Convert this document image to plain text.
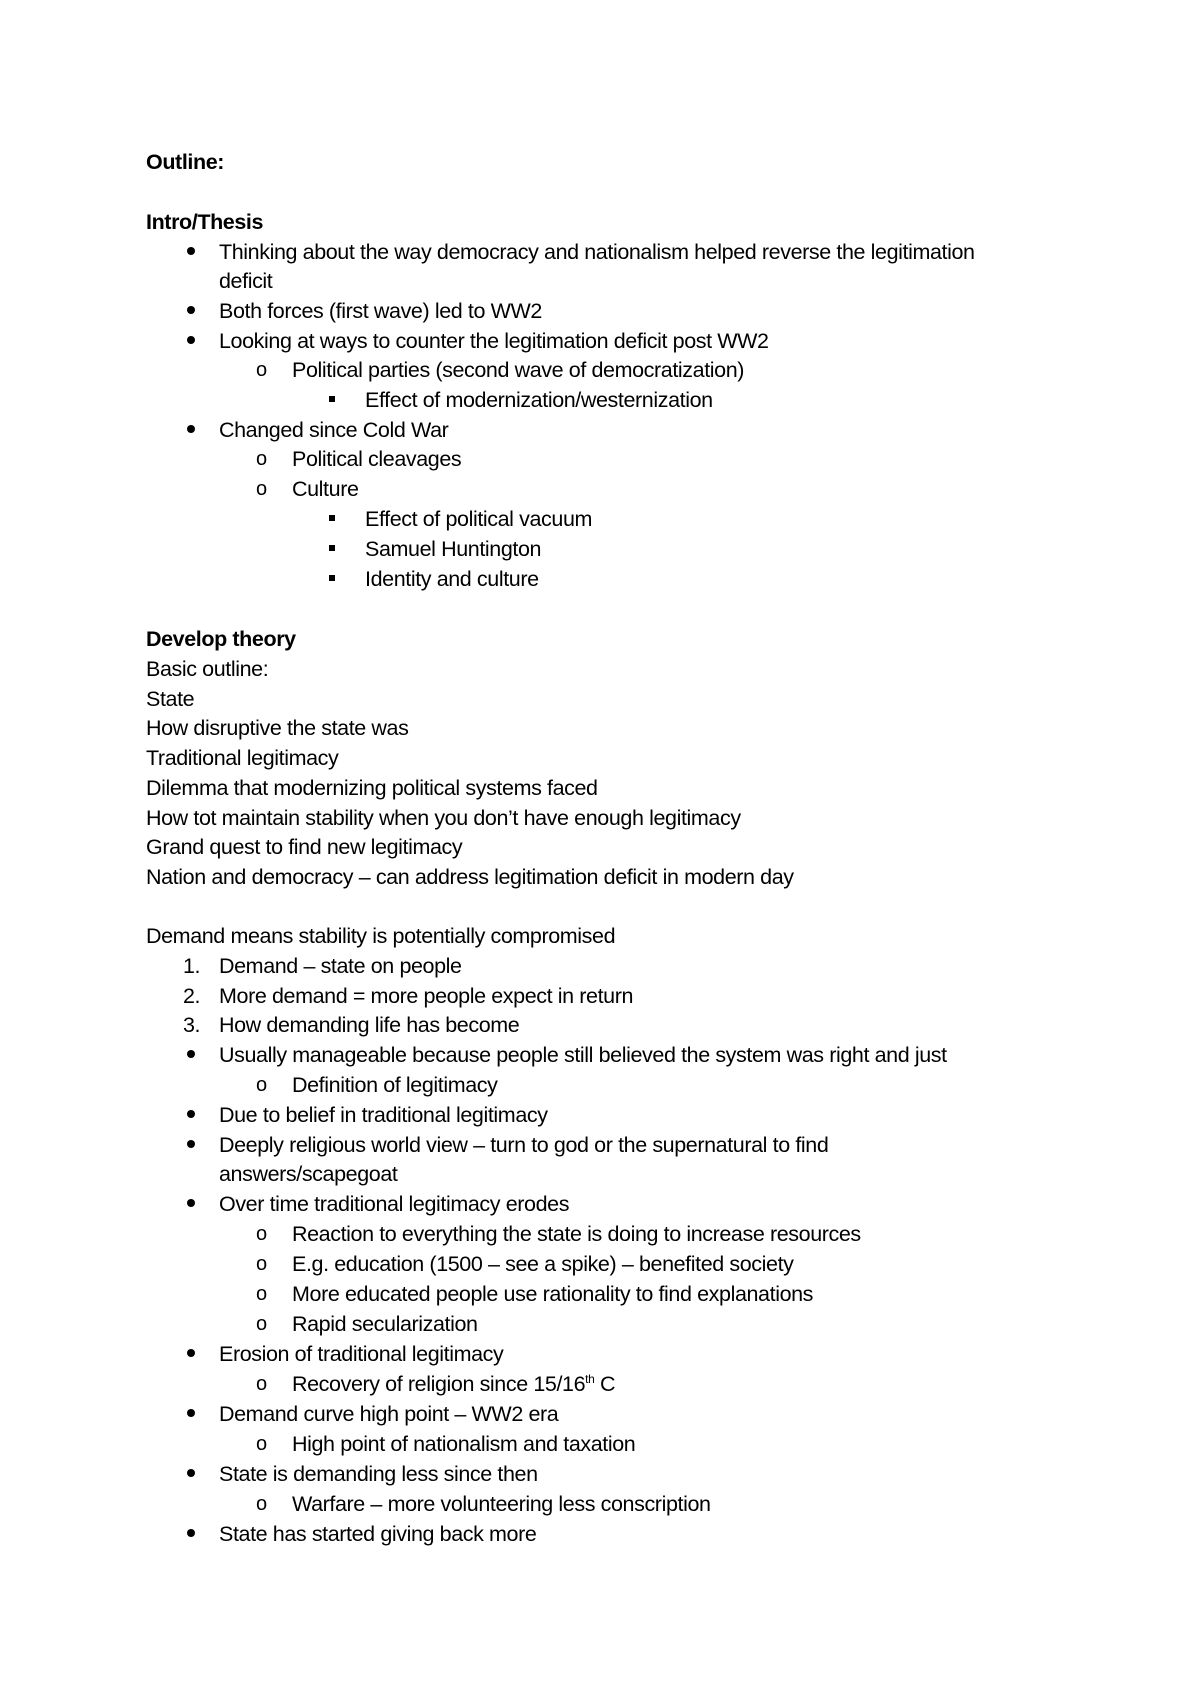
Outline:
Intro/Thesis
Thinking about the way democracy and nationalism helped reverse the legitimation
deficit
Both forces (first wave) led to WW2
Looking at ways to counter the legitimation deficit post WW2
o Political parties (second wave of democratization)
Effect of modernization/westernization
Changed since Cold War
o Political cleavages
o Culture
Effect of political vacuum
Samuel Huntington
Identity and culture
Develop theory
Basic outline:
State
How disruptive the state was
Traditional legitimacy
Dilemma that modernizing political systems faced
How tot maintain stability when you don’t have enough legitimacy
Grand quest to find new legitimacy
Nation and democracy – can address legitimation deficit in modern day
Demand means stability is potentially compromised
1. Demand – state on people
2. More demand = more people expect in return
3. How demanding life has become
Usually manageable because people still believed the system was right and just
o Definition of legitimacy
Due to belief in traditional legitimacy
Deeply religious world view – turn to god or the supernatural to find
answers/scapegoat
Over time traditional legitimacy erodes
o Reaction to everything the state is doing to increase resources
o E.g. education (1500 – see a spike) – benefited society
o More educated people use rationality to find explanations
o Rapid secularization
Erosion of traditional legitimacy
o Recovery of religion since 15/16th C
Demand curve high point – WW2 era
o High point of nationalism and taxation
State is demanding less since then
o Warfare – more volunteering less conscription
State has started giving back more
